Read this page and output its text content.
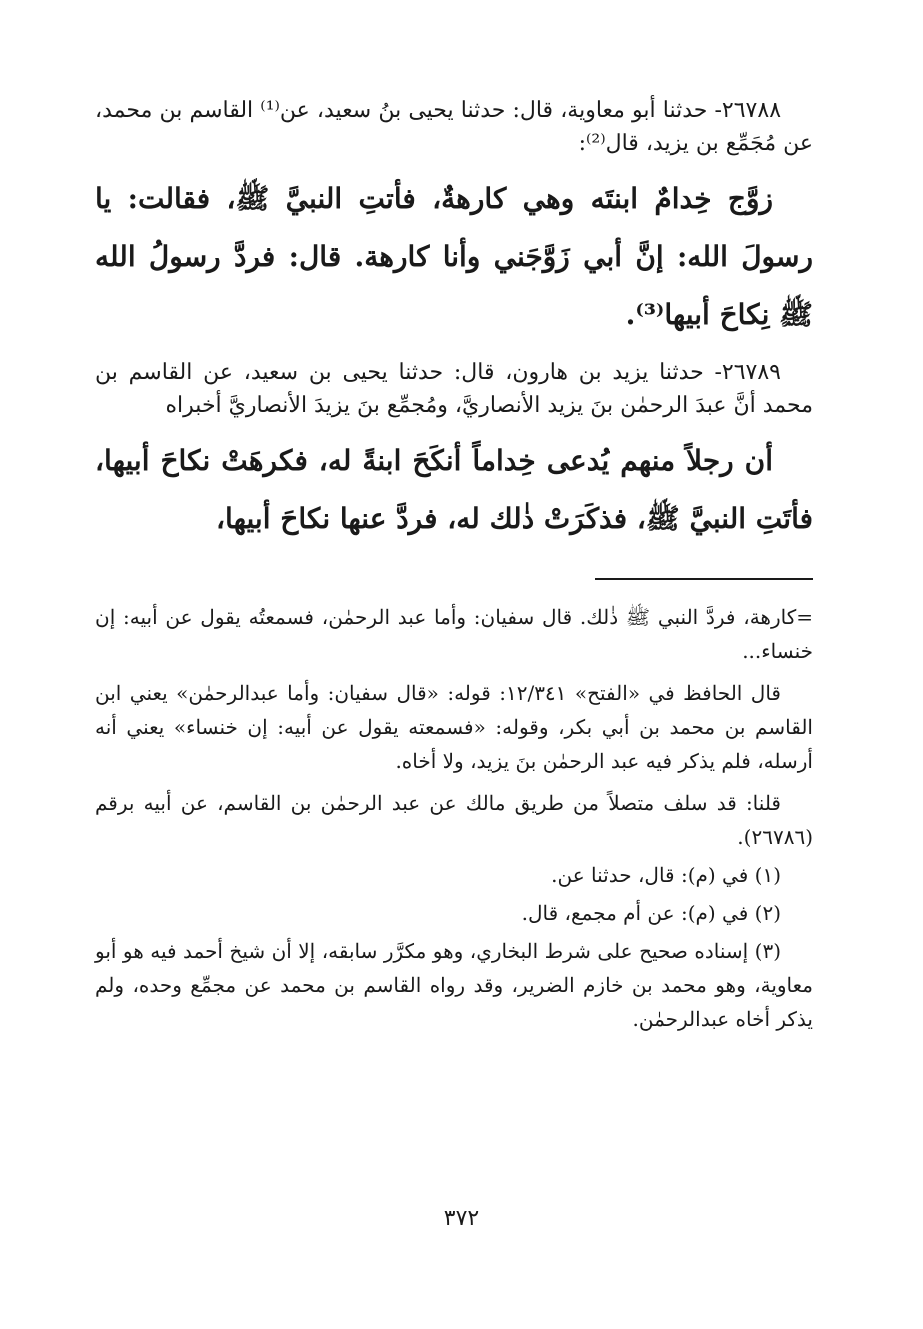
٢٦٧٨٨- حدثنا أبو معاوية، قال: حدثنا يحيى بنُ سعيد، عن⁽¹⁾ القاسم بن محمد، عن مُجَمِّع بن يزيد، قال⁽²⁾:

زوَّج خِدامٌ ابنتَه وهي كارهةٌ، فأتتِ النبيَّ ﷺ، فقالت: يا رسولَ الله: إنَّ أبي زَوَّجَني وأنا كارهة. قال: فردَّ رسولُ الله ﷺ نِكاحَ أبيها⁽³⁾.

٢٦٧٨٩- حدثنا يزيد بن هارون، قال: حدثنا يحيى بن سعيد، عن القاسم بن محمد أنَّ عبدَ الرحمٰن بنَ يزيد الأنصاريَّ، ومُجمِّع بنَ يزيدَ الأنصاريَّ أخبراه

أن رجلاً منهم يُدعى خِداماً أنكَحَ ابنةً له، فكرهَتْ نكاحَ أبيها، فأتَتِ النبيَّ ﷺ، فذكَرَتْ ذٰلك له، فردَّ عنها نكاحَ أبيها،

=كارهة، فردَّ النبي ﷺ ذٰلك. قال سفيان: وأما عبد الرحمٰن، فسمعتُه يقول عن أبيه: إن خنساء...

قال الحافظ في «الفتح» ١٢/٣٤١: قوله: «قال سفيان: وأما عبدالرحمٰن» يعني ابن القاسم بن محمد بن أبي بكر، وقوله: «فسمعته يقول عن أبيه: إن خنساء» يعني أنه أرسله، فلم يذكر فيه عبد الرحمٰن بنَ يزيد، ولا أخاه.

قلنا: قد سلف متصلاً من طريق مالك عن عبد الرحمٰن بن القاسم، عن أبيه برقم (٢٦٧٨٦).

(١) في (م): قال، حدثنا عن.

(٢) في (م): عن أم مجمع، قال.

(٣) إسناده صحيح على شرط البخاري، وهو مكرَّر سابقه، إلا أن شيخ أحمد فيه هو أبو معاوية، وهو محمد بن خازم الضرير، وقد رواه القاسم بن محمد عن مجمِّع وحده، ولم يذكر أخاه عبدالرحمٰن.

٣٧٢
